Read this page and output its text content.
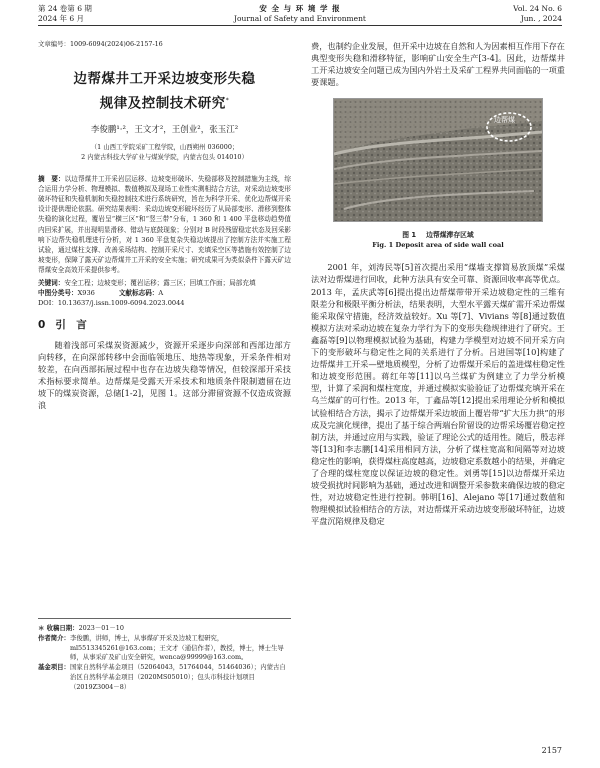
第 24 卷第 6 期
2024 年 6 月
安 全 与 环 境 学 报
Journal of Safety and Environment
Vol. 24 No. 6
Jun. , 2024
文章编号：1009-6094(2024)06-2157-16
边帮煤井工开采边坡变形失稳
规律及控制技术研究*
李俊鹏¹·²，王文才²，王创业²，张玉江²
（1 山西工学院采矿工程学院，山西朔州 036000；
2 内蒙古科技大学矿业与煤炭学院，内蒙古包头 014010）
摘　要：以边帮煤井工开采岩层运移、边坡变形破坏、失稳部移及控制措施为主线，综合运用力学分析、物理模拟、数值模拟及现场工业性实测相结合方法，对采动边坡变形破坏特征和失稳机制和失稳控制技术进行系统研究，旨在为科学开采、优化边帮煤开采设计提供理论依据。研究结果表明：采动边坡变形破坏经历了从局部变形、滑移到整体失稳的演化过程，覆岩呈“横三区”和“竖三带”分布，1 360 和 1 400 平盘移动趋势值内回采扩展，并出现明显滑移、错动与底鼓现象；分别对 B 时段残留稳定状态及回采影响下边帮失稳机理进行分析，对 1 360 平盘复杂失稳边坡提出了控制方法并实施工程试验，通过煤柱支撑、改善采场结构、控制开采尺寸、充填采空区等措施有效控制了边坡变形，保障了露天矿边帮煤井工开采的安全实施；研究成果可为类似条件下露天矿边帮煤安全高效开采提供参考。
关键词：安全工程；边坡变形；覆岩运移；露三区；回填工作面；局部充填
中图分类号：X936	文献标志码：A
DOI：10.13637/j.issn.1009-6094.2023.0044
0 引　言

随着浅部可采煤炭资源减少，资源开采逐步向深部和西部边部方向转移，在向深部转移中会面临领地压、地热等现象，开采条件相对较差，在向西部拓展过程中也存在边坡失稳等情况，但较深部开采技术指标要求简单。边帮煤是受露天开采技术和地质条件限制遗留在边坡下的煤炭资源，总储[1-2]，见图 1。这部分滞留资源不仅造成资源浪

＊ 收稿日期： 2023－01－10
作者简介： 李俊鹏，讲师，博士，从事煤矿开采及边坡工程研究，ml5513345261@163.com；王文才（通信作者），教授，博士，博士生导师，从事采矿及矿山安全研究，wenca@99999@163.com。
基金项目： 国家自然科学基金项目（52064043，51764044，51464036）；内蒙古自治区自然科学基金项目（2020MS05010）；包头市科技计划项目（2019Z3004－8）

费，也制约企业发展，但开采中边坡在自然和人为因素相互作用下存在典型变形失稳和滑移特征，影响矿山安全生产[3-4]。因此，边帮煤井工开采边坡安全问题已成为国内外岩土及采矿工程界共同面临的一项重要课题。

边帮煤
图 1 边帮煤滞存区域
Fig. 1 Deposit area of side wall coal

2001 年，刘涛民等[5]首次提出采用“煤墙支撑简易放顶煤”采煤法对边帮煤进行回收，此种方法具有安全可靠、资源回收率高等优点。2013 年，孟庆武等[6]提出提出边帮煤带带开采边坡稳定性的三维有限差分和极限平衡分析法，结果表明，大型水平露天煤矿需开采边帮煤能采取保守措施，经济效益较好。Xu 等[7]、Vivians 等[8]通过数值模拟方法对采动边坡在复杂力学行为下的变形失稳规律进行了研究。王鑫磊等[9]以物理模拟试验为基础，构建力学模型对边坡不同开采方向下的变形破坏与稳定性之间的关系进行了分析。吕进国等[10]构建了边帮煤井工开采—壁地质模型，分析了边帮煤开采后的盖进煤柱稳定性和边坡变形范围。蒋红年等[11]以乌兰煤矿为例建立了力学分析模型，计算了采润和煤柱宽度，并通过模拟实验验证了边帮煤充填开采在乌兰煤矿的可行性。2013 年，丁鑫品等[12]提出采用理论分析和模拟试验相结合方法，揭示了边帮煤开采边坡面上覆岩带“扩大压力拱”的形成及完演化规律，提出了基于综合两端台阶留设的边帮采场覆岩稳定控制方法，并通过应用与实践，验证了理论公式的适用性。随后，殷志祥等[13]和李志鹏[14]采用相同方法，分析了煤柱宽高和间隔等对边坡稳定性的影响，获得煤柱高度越高，边坡稳定系数越小的结果，并确定了合理的煤柱宽度以保证边坡的稳定性。刘勇等[15]以边帮煤开采边坡受损扰时间影响为基础，通过改进和调整开采参数来确保边坡的稳定性，对边坡稳定性进行控制。韩明[16]、Alejano 等[17]通过数值和物理模拟试验相结合的方法，对边帮煤开采动边坡变形破坏特征，边坡平盘沉陷规律及稳定

2157
